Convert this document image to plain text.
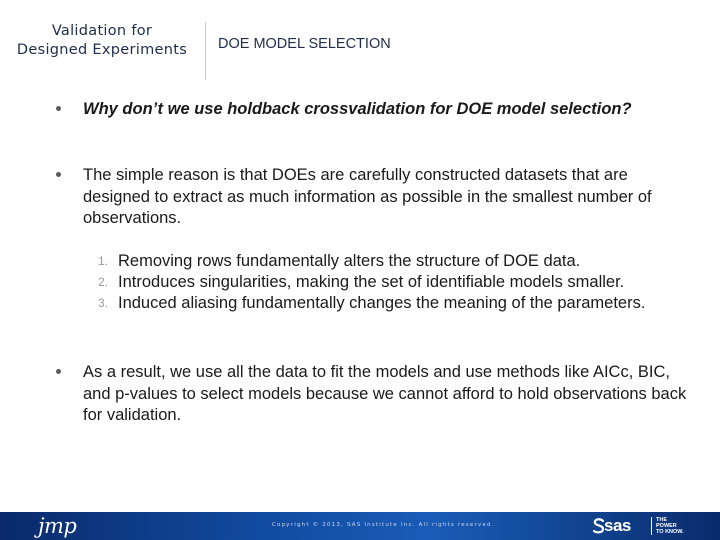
Validation for
Designed Experiments	DOE MODEL SELECTION
Why don’t we use holdback crossvalidation for DOE model selection?
The simple reason is that DOEs are carefully constructed datasets that are designed to extract as much information as possible in the smallest number of observations.
1. Removing rows fundamentally alters the structure of DOE data.
2. Introduces singularities, making the set of identifiable models smaller.
3. Induced aliasing fundamentally changes the meaning of the parameters.
As a result, we use all the data to fit the models and use methods like AICc, BIC, and p-values to select models because we cannot afford to hold observations back for validation.
jmp	Copyright © 2013, SAS Institute Inc. All rights reserved.	sas	THE
POWER
TO KNOW.
